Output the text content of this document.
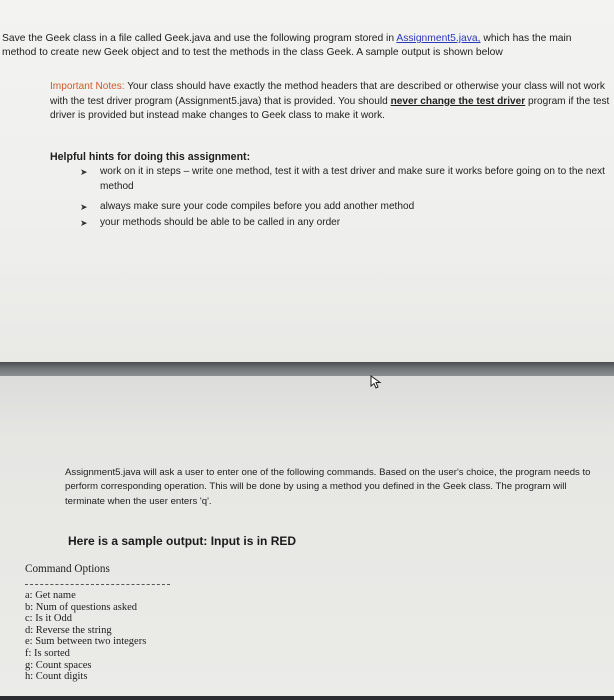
Save the Geek class in a file called Geek.java and use the following program stored in Assignment5.java, which has the main method to create new Geek object and to test the methods in the class Geek. A sample output is shown below
Important Notes: Your class should have exactly the method headers that are described or otherwise your class will not work with the test driver program (Assignment5.java) that is provided. You should never change the test driver program if the test driver is provided but instead make changes to Geek class to make it work.
Helpful hints for doing this assignment:
➤ work on it in steps – write one method, test it with a test driver and make sure it works before going on to the next method
➤ always make sure your code compiles before you add another method
➤ your methods should be able to be called in any order
Assignment5.java will ask a user to enter one of the following commands. Based on the user's choice, the program needs to perform corresponding operation. This will be done by using a method you defined in the Geek class. The program will terminate when the user enters 'q'.
Here is a sample output: Input is in RED
Command Options
a: Get name
b: Num of questions asked
c: Is it Odd
d: Reverse the string
e: Sum between two integers
f: Is sorted
g: Count spaces
h: Count digits
